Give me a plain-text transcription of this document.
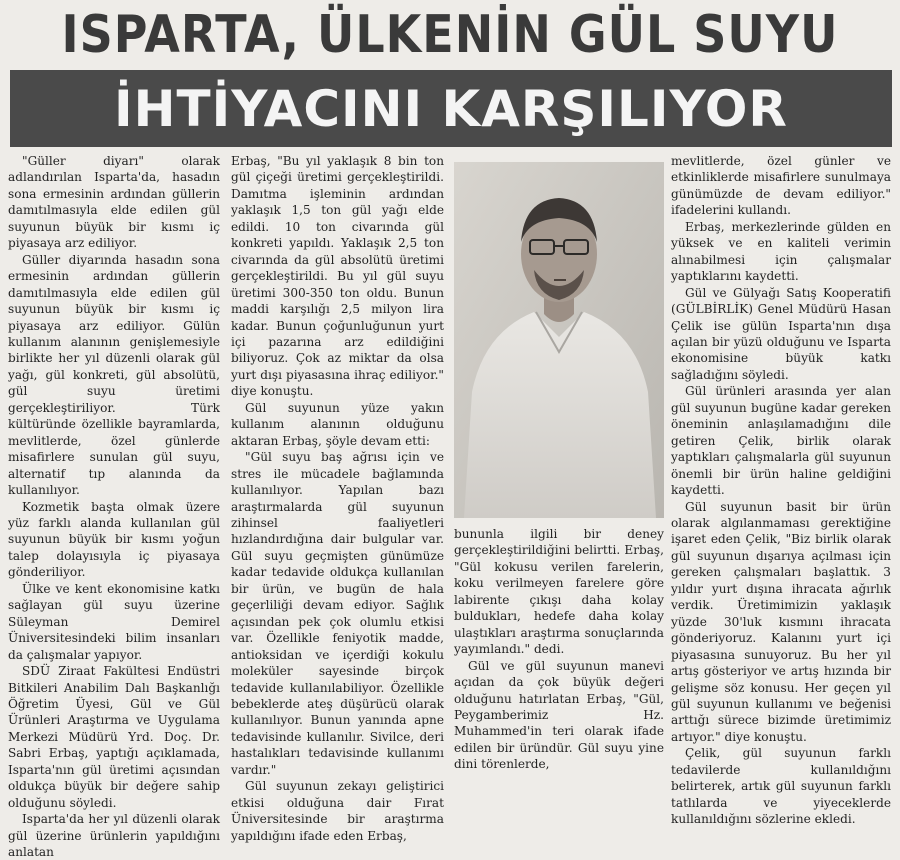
ISPARTA, ÜLKENİN GÜL SUYU
İHTİYACINI KARŞILIYOR

"Güller diyarı" olarak adlandırılan Isparta'da, hasadın sona ermesinin ardından güllerin damıtılmasıyla elde edilen gül suyunun büyük bir kısmı iç piyasaya arz ediliyor.

Güller diyarında hasadın sona ermesinin ardından güllerin damıtılmasıyla elde edilen gül suyunun büyük bir kısmı iç piyasaya arz ediliyor. Gülün kullanım alanının genişlemesiyle birlikte her yıl düzenli olarak gül yağı, gül konkreti, gül absolütü, gül suyu üretimi gerçekleştiriliyor. Türk kültüründe özellikle bayramlarda, mevlitlerde, özel günlerde misafirlere sunulan gül suyu, alternatif tıp alanında da kullanılıyor.

Kozmetik başta olmak üzere yüz farklı alanda kullanılan gül suyunun büyük bir kısmı yoğun talep dolayısıyla iç piyasaya gönderiliyor.

Ülke ve kent ekonomisine katkı sağlayan gül suyu üzerine Süleyman Demirel Üniversitesindeki bilim insanları da çalışmalar yapıyor.

SDÜ Ziraat Fakültesi Endüstri Bitkileri Anabilim Dalı Başkanlığı Öğretim Üyesi, Gül ve Gül Ürünleri Araştırma ve Uygulama Merkezi Müdürü Yrd. Doç. Dr. Sabri Erbaş, yaptığı açıklamada, Isparta'nın gül üretimi açısından oldukça büyük bir değere sahip olduğunu söyledi.

Isparta'da her yıl düzenli olarak gül üzerine ürünlerin yapıldığını anlatan

Erbaş, "Bu yıl yaklaşık 8 bin ton gül çiçeği üretimi gerçekleştirildi. Damıtma işleminin ardından yaklaşık 1,5 ton gül yağı elde edildi. 10 ton civarında gül konkreti yapıldı. Yaklaşık 2,5 ton civarında da gül absolütü üretimi gerçekleştirildi. Bu yıl gül suyu üretimi 300-350 ton oldu. Bunun maddi karşılığı 2,5 milyon lira kadar. Bunun çoğunluğunun yurt içi pazarına arz edildiğini biliyoruz. Çok az miktar da olsa yurt dışı piyasasına ihraç ediliyor." diye konuştu.

Gül suyunun yüze yakın kullanım alanının olduğunu aktaran Erbaş, şöyle devam etti:

"Gül suyu baş ağrısı için ve stres ile mücadele bağlamında kullanılıyor. Yapılan bazı araştırmalarda gül suyunun zihinsel faaliyetleri hızlandırdığına dair bulgular var. Gül suyu geçmişten günümüze kadar tedavide oldukça kullanılan bir ürün, ve bugün de hala geçerliliği devam ediyor. Sağlık açısından pek çok olumlu etkisi var. Özellikle feniyotik madde, antioksidan ve içerdiği kokulu moleküler sayesinde birçok tedavide kullanılabiliyor. Özellikle bebeklerde ateş düşürücü olarak kullanılıyor. Bunun yanında apne tedavisinde kullanılır. Sivilce, deri hastalıkları tedavisinde kullanımı vardır."

Gül suyunun zekayı geliştirici etkisi olduğuna dair Fırat Üniversitesinde bir araştırma yapıldığını ifade eden Erbaş,

bununla ilgili bir deney gerçekleştirildiğini belirtti. Erbaş, "Gül kokusu verilen farelerin, koku verilmeyen farelere göre labirente çıkışı daha kolay buldukları, hedefe daha kolay ulaştıkları araştırma sonuçlarında yayımlandı." dedi.

Gül ve gül suyunun manevi açıdan da çok büyük değeri olduğunu hatırlatan Erbaş, "Gül, Peygamberimiz Hz. Muhammed'in teri olarak ifade edilen bir üründür. Gül suyu yine dini törenlerde,

mevlitlerde, özel günler ve etkinliklerde misafirlere sunulmaya günümüzde de devam ediliyor." ifadelerini kullandı.

Erbaş, merkezlerinde gülden en yüksek ve en kaliteli verimin alınabilmesi için çalışmalar yaptıklarını kaydetti.

Gül ve Gülyağı Satış Kooperatifi (GÜLBİRLİK) Genel Müdürü Hasan Çelik ise gülün Isparta'nın dışa açılan bir yüzü olduğunu ve Isparta ekonomisine büyük katkı sağladığını söyledi.

Gül ürünleri arasında yer alan gül suyunun bugüne kadar gereken öneminin anlaşılamadığını dile getiren Çelik, birlik olarak yaptıkları çalışmalarla gül suyunun önemli bir ürün haline geldiğini kaydetti.

Gül suyunun basit bir ürün olarak algılanmaması gerektiğine işaret eden Çelik, "Biz birlik olarak gül suyunun dışarıya açılması için gereken çalışmaları başlattık. 3 yıldır yurt dışına ihracata ağırlık verdik. Üretimimizin yaklaşık yüzde 30'luk kısmını ihracata gönderiyoruz. Kalanını yurt içi piyasasına sunuyoruz. Bu her yıl artış gösteriyor ve artış hızında bir gelişme söz konusu. Her geçen yıl gül suyunun kullanımı ve beğenisi arttığı sürece bizimde üretimimiz artıyor." diye konuştu.

Çelik, gül suyunun farklı tedavilerde kullanıldığını belirterek, artık gül suyunun farklı tatlılarda ve yiyeceklerde kullanıldığını sözlerine ekledi.
